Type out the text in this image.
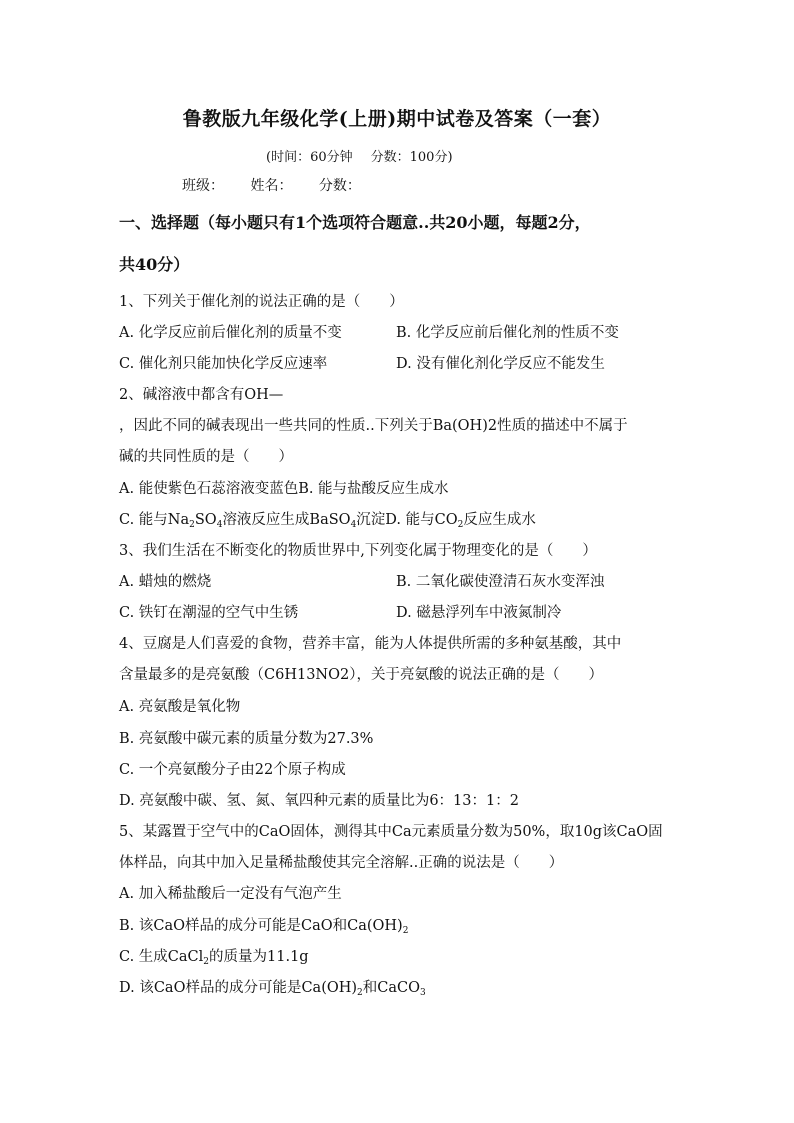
鲁教版九年级化学(上册)期中试卷及答案（一套）
(时间：60分钟 分数：100分)
班级： 姓名： 分数：
一、选择题（每小题只有1个选项符合题意..共20小题，每题2分，
共40分）
1、下列关于催化剂的说法正确的是（　　）
A. 化学反应前后催化剂的质量不变	B. 化学反应前后催化剂的性质不变
C. 催化剂只能加快化学反应速率	D. 没有催化剂化学反应不能发生
2、碱溶液中都含有OH—
，因此不同的碱表现出一些共同的性质..下列关于Ba(OH)2性质的描述中不属于
碱的共同性质的是（　　）
A. 能使紫色石蕊溶液变蓝色B. 能与盐酸反应生成水
C. 能与$Na_2SO_4$溶液反应生成BaSO$_4$沉淀D. 能与$CO_2$反应生成水
3、我们生活在不断变化的物质世界中,下列变化属于物理变化的是（　　）
A. 蜡烛的燃烧	B. 二氧化碳使澄清石灰水变浑浊
C. 铁钉在潮湿的空气中生锈	D. 磁悬浮列车中液氮制冷
4、豆腐是人们喜爱的食物，营养丰富，能为人体提供所需的多种氨基酸，其中
含量最多的是亮氨酸（C6H13NO2），关于亮氨酸的说法正确的是（　　）
A. 亮氨酸是氧化物
B. 亮氨酸中碳元素的质量分数为27.3%
C. 一个亮氨酸分子由22个原子构成
D. 亮氨酸中碳、氢、氮、氧四种元素的质量比为6：13：1：2
5、某露置于空气中的CaO固体，测得其中Ca元素质量分数为50%，取10g该CaO固
体样品，向其中加入足量稀盐酸使其完全溶解..正确的说法是（　　）
A. 加入稀盐酸后一定没有气泡产生
B. 该CaO样品的成分可能是CaO和$Ca(OH)_2$
C. 生成CaCl$_2$的质量为11.1g
D. 该CaO样品的成分可能是$Ca(OH)_2$和CaCO$_3$
